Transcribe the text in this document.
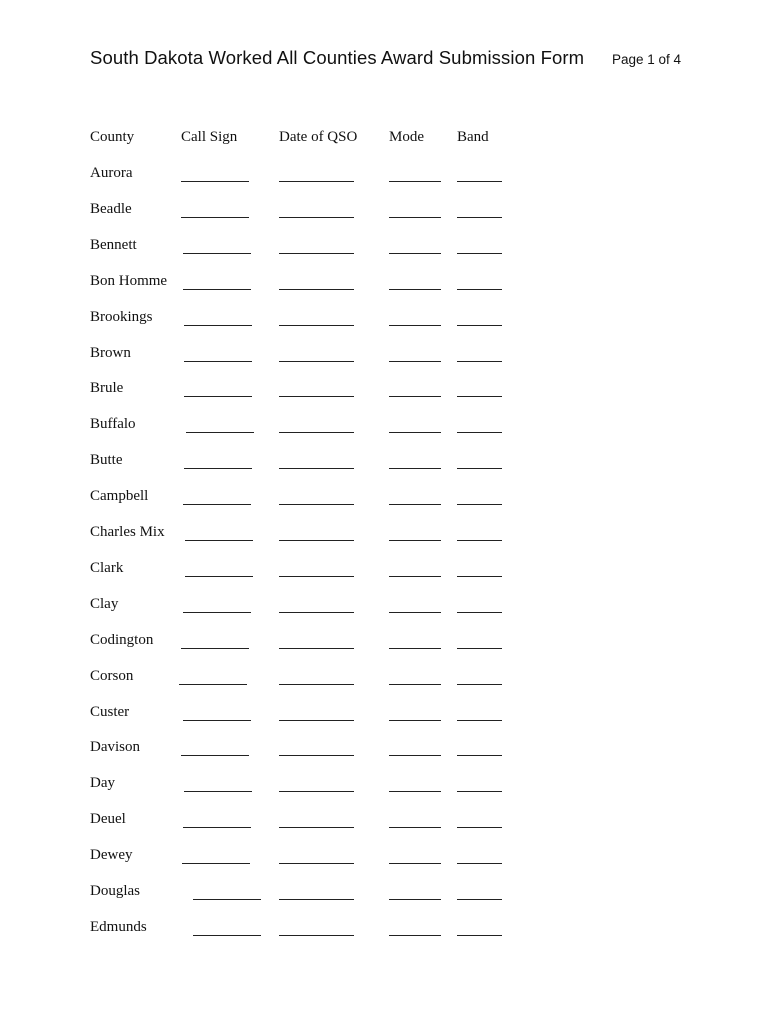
South Dakota Worked All Counties Award Submission Form Page 1 of 4
County	Call Sign	Date of QSO Mode Band
Aurora
Beadle
Bennett
Bon Homme
Brookings
Brown
Brule
Buffalo
Butte
Campbell
Charles Mix
Clark
Clay
Codington
Corson
Custer
Davison
Day
Deuel
Dewey
Douglas
Edmunds
